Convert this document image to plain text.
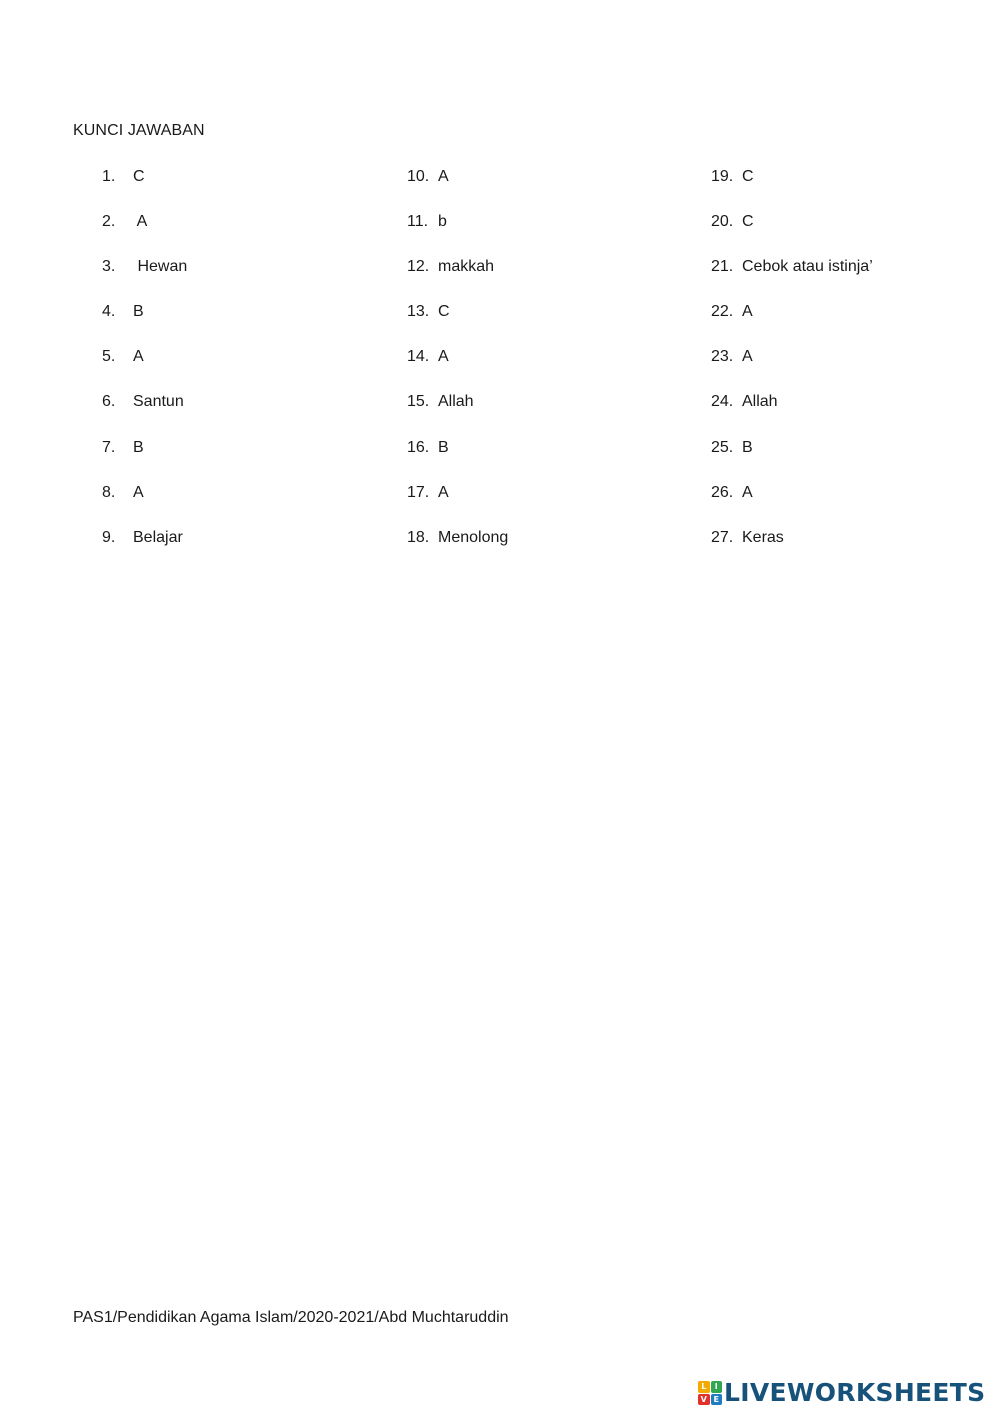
KUNCI JAWABAN
1. C
2. A
3. Hewan
4. B
5. A
6. Santun
7. B
8. A
9. Belajar
10. A
11. b
12. makkah
13. C
14. A
15. Allah
16. B
17. A
18. Menolong
19. C
20. C
21. Cebok atau istinja’
22. A
23. A
24. Allah
25. B
26. A
27. Keras
PAS1/Pendidikan Agama Islam/2020-2021/Abd Muchtaruddin
L	I
V E LIVEWORKSHEETS
